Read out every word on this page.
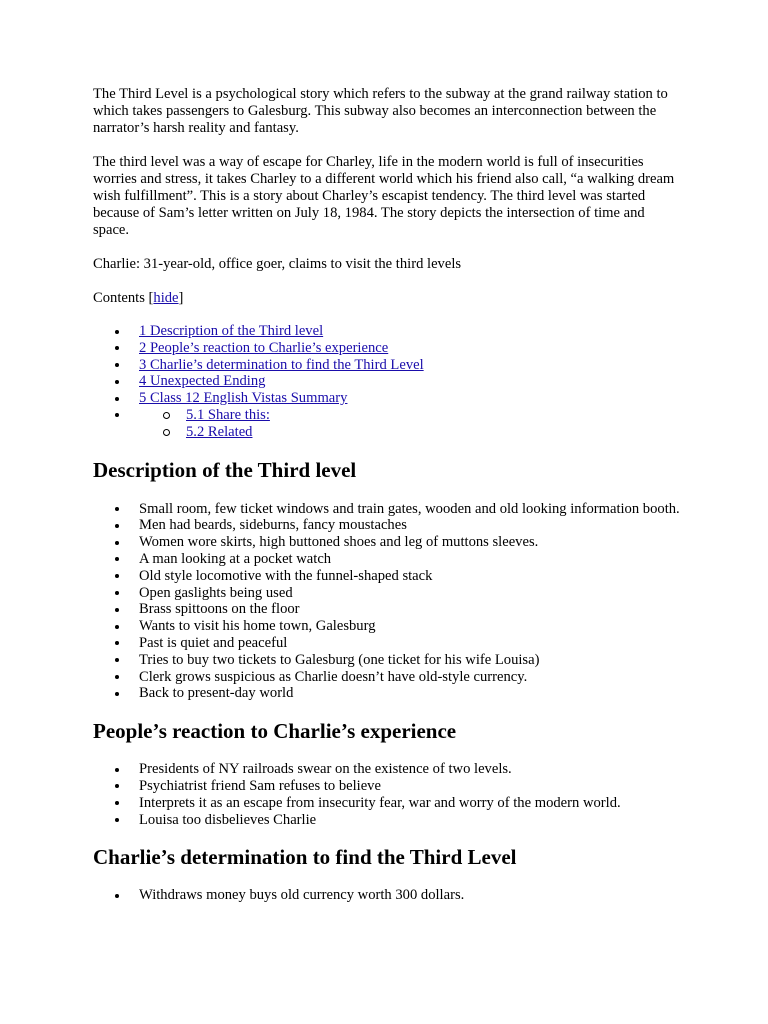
The Third Level is a psychological story which refers to the subway at the grand railway station to which takes passengers to Galesburg. This subway also becomes an interconnection between the narrator’s harsh reality and fantasy.

The third level was a way of escape for Charley, life in the modern world is full of insecurities worries and stress, it takes Charley to a different world which his friend also call, “a walking dream wish fulfillment”. This is a story about Charley’s escapist tendency. The third level was started because of Sam’s letter written on July 18, 1984. The story depicts the intersection of time and space.

Charlie: 31-year-old, office goer, claims to visit the third levels

Contents [hide]

1 Description of the Third level
2 People’s reaction to Charlie’s experience
3 Charlie’s determination to find the Third Level
4 Unexpected Ending
5 Class 12 English Vistas Summary
5.1 Share this:
5.2 Related
Description of the Third level
Small room, few ticket windows and train gates, wooden and old looking information booth.
Men had beards, sideburns, fancy moustaches
Women wore skirts, high buttoned shoes and leg of muttons sleeves.
A man looking at a pocket watch
Old style locomotive with the funnel-shaped stack
Open gaslights being used
Brass spittoons on the floor
Wants to visit his home town, Galesburg
Past is quiet and peaceful
Tries to buy two tickets to Galesburg (one ticket for his wife Louisa)
Clerk grows suspicious as Charlie doesn’t have old-style currency.
Back to present-day world
People’s reaction to Charlie’s experience
Presidents of NY railroads swear on the existence of two levels.
Psychiatrist friend Sam refuses to believe
Interprets it as an escape from insecurity fear, war and worry of the modern world.
Louisa too disbelieves Charlie
Charlie’s determination to find the Third Level
Withdraws money buys old currency worth 300 dollars.
